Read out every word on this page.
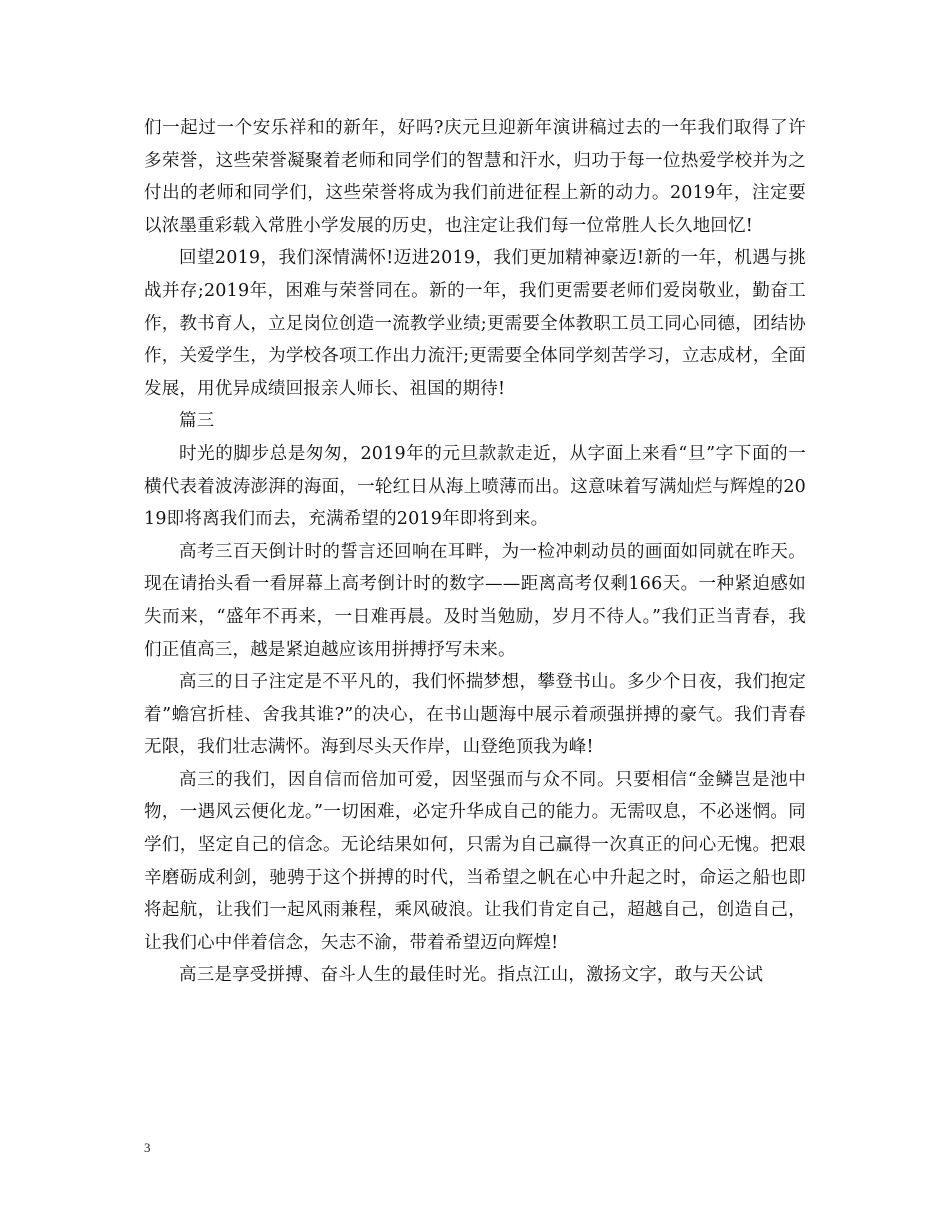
们一起过一个安乐祥和的新年，好吗?庆元旦迎新年演讲稿过去的一年我们取得了许多荣誉，这些荣誉凝聚着老师和同学们的智慧和汗水，归功于每一位热爱学校并为之付出的老师和同学们，这些荣誉将成为我们前进征程上新的动力。2019年，注定要以浓墨重彩载入常胜小学发展的历史，也注定让我们每一位常胜人长久地回忆!

回望2019，我们深情满怀!迈进2019，我们更加精神豪迈!新的一年，机遇与挑战并存;2019年，困难与荣誉同在。新的一年，我们更需要老师们爱岗敬业，勤奋工作，教书育人，立足岗位创造一流教学业绩;更需要全体教职工员工同心同德，团结协作，关爱学生，为学校各项工作出力流汗;更需要全体同学刻苦学习，立志成材，全面发展，用优异成绩回报亲人师长、祖国的期待!

篇三

时光的脚步总是匆匆，2019年的元旦款款走近，从字面上来看“旦”字下面的一横代表着波涛澎湃的海面，一轮红日从海上喷薄而出。这意味着写满灿烂与辉煌的2019即将离我们而去，充满希望的2019年即将到来。

高考三百天倒计时的誓言还回响在耳畔，为一检冲刺动员的画面如同就在昨天。现在请抬头看一看屏幕上高考倒计时的数字——距离高考仅剩166天。一种紧迫感如失而来，“盛年不再来，一日难再晨。及时当勉励，岁月不待人。”我们正当青春，我们正值高三，越是紧迫越应该用拼搏抒写未来。

高三的日子注定是不平凡的，我们怀揣梦想，攀登书山。多少个日夜，我们抱定着”蟾宫折桂、舍我其谁?”的决心，在书山题海中展示着顽强拼搏的豪气。我们青春无限，我们壮志满怀。海到尽头天作岸，山登绝顶我为峰!

高三的我们，因自信而倍加可爱，因坚强而与众不同。只要相信“金鳞岂是池中物，一遇风云便化龙。”一切困难，必定升华成自己的能力。无需叹息，不必迷惘。同学们，坚定自己的信念。无论结果如何，只需为自己赢得一次真正的问心无愧。把艰辛磨砺成利剑，驰骋于这个拼搏的时代，当希望之帆在心中升起之时，命运之船也即将起航，让我们一起风雨兼程，乘风破浪。让我们肯定自己，超越自己，创造自己，让我们心中伴着信念，矢志不渝，带着希望迈向辉煌!

高三是享受拼搏、奋斗人生的最佳时光。指点江山，激扬文字，敢与天公试

3
